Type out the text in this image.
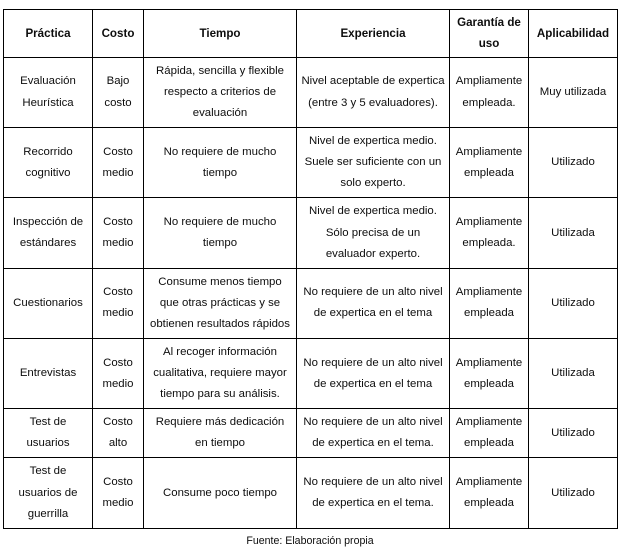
Práctica	Costo	Tiempo	Experiencia	Garantía de uso	Aplicabilidad
Evaluación Heurística	Bajo costo	Rápida, sencilla y flexible respecto a criterios de evaluación	Nivel aceptable de expertica (entre 3 y 5 evaluadores).	Ampliamente empleada.	Muy utilizada
Recorrido cognitivo	Costo medio	No requiere de mucho tiempo	Nivel de expertica medio. Suele ser suficiente con un solo experto.	Ampliamente empleada	Utilizado
Inspección de estándares	Costo medio	No requiere de mucho tiempo	Nivel de expertica medio. Sólo precisa de un evaluador experto.	Ampliamente empleada.	Utilizada
Cuestionarios	Costo medio	Consume menos tiempo que otras prácticas y se obtienen resultados rápidos	No requiere de un alto nivel de expertica en el tema	Ampliamente empleada	Utilizado
Entrevistas	Costo medio	Al recoger información cualitativa, requiere mayor tiempo para su análisis.	No requiere de un alto nivel de expertica en el tema	Ampliamente empleada	Utilizada
Test de usuarios	Costo alto	Requiere más dedicación en tiempo	No requiere de un alto nivel de expertica en el tema.	Ampliamente empleada	Utilizado
Test de usuarios de guerrilla	Costo medio	Consume poco tiempo	No requiere de un alto nivel de expertica en el tema.	Ampliamente empleada	Utilizado
Fuente: Elaboración propia
